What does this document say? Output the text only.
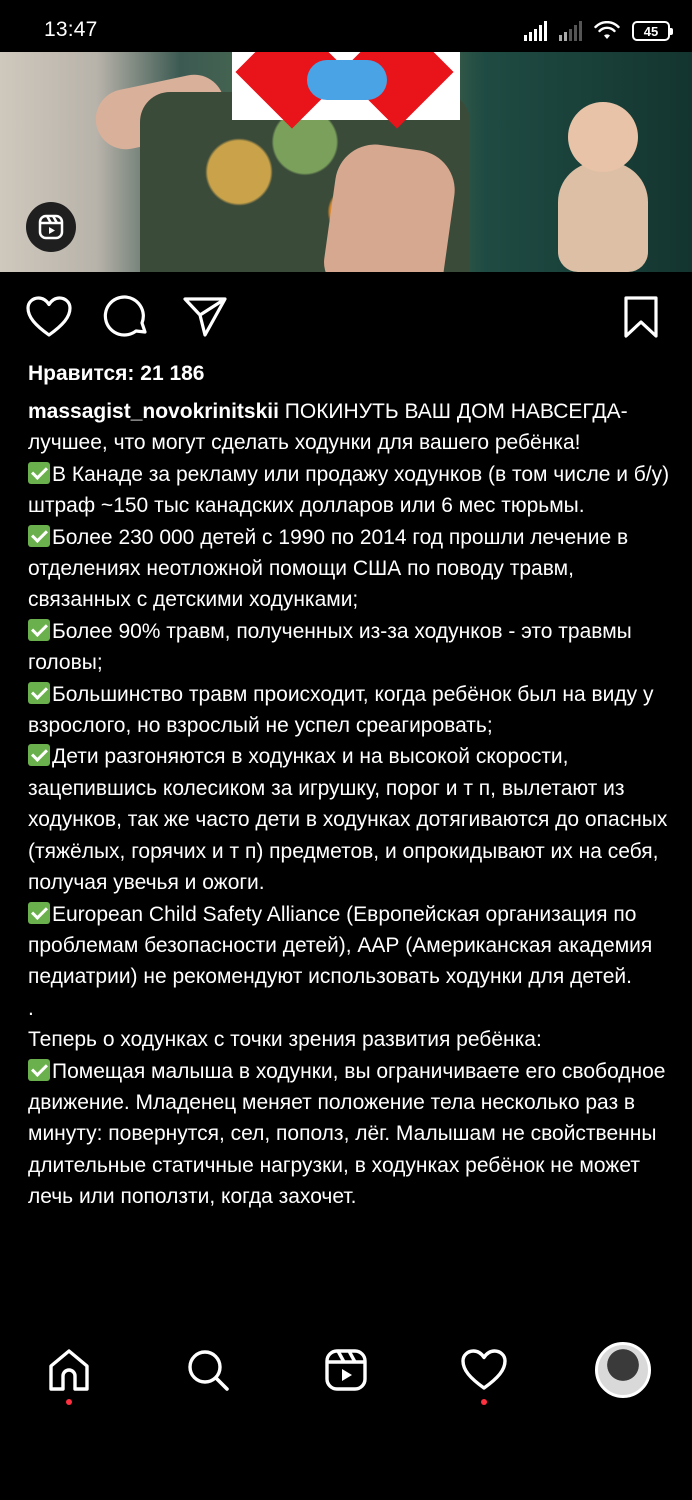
13:47	45
Нравится: 21 186
massagist_novokrinitskii ПОКИНУТЬ ВАШ ДОМ НАВСЕГДА- лучшее, что могут сделать ходунки для вашего ребёнка!
В Канаде за рекламу или продажу ходунков (в том числе и б/у) штраф ~150 тыс канадских долларов или 6 мес тюрьмы.
Более 230 000 детей с 1990 по 2014 год прошли лечение в отделениях неотложной помощи США по поводу травм, связанных с детскими ходунками;
Более 90% травм, полученных из-за ходунков - это травмы головы;
Большинство травм происходит, когда ребёнок был на виду у взрослого, но взрослый не успел среагировать;
Дети разгоняются в ходунках и на высокой скорости, зацепившись колесиком за игрушку, порог и т п, вылетают из ходунков, так же часто дети в ходунках дотягиваются до опасных (тяжёлых, горячих и т п) предметов, и опрокидывают их на себя, получая увечья и ожоги.
European Child Safety Alliance (Европейская организация по проблемам безопасности детей), ААР (Американская академия педиатрии) не рекомендуют использовать ходунки для детей.
.
Теперь о ходунках с точки зрения развития ребёнка:
Помещая малыша в ходунки, вы ограничиваете его свободное движение. Младенец меняет положение тела несколько раз в минуту: повернутся, сел, пополз, лёг. Малышам не свойственны длительные статичные нагрузки, в ходунках ребёнок не может лечь или поползти, когда захочет.
